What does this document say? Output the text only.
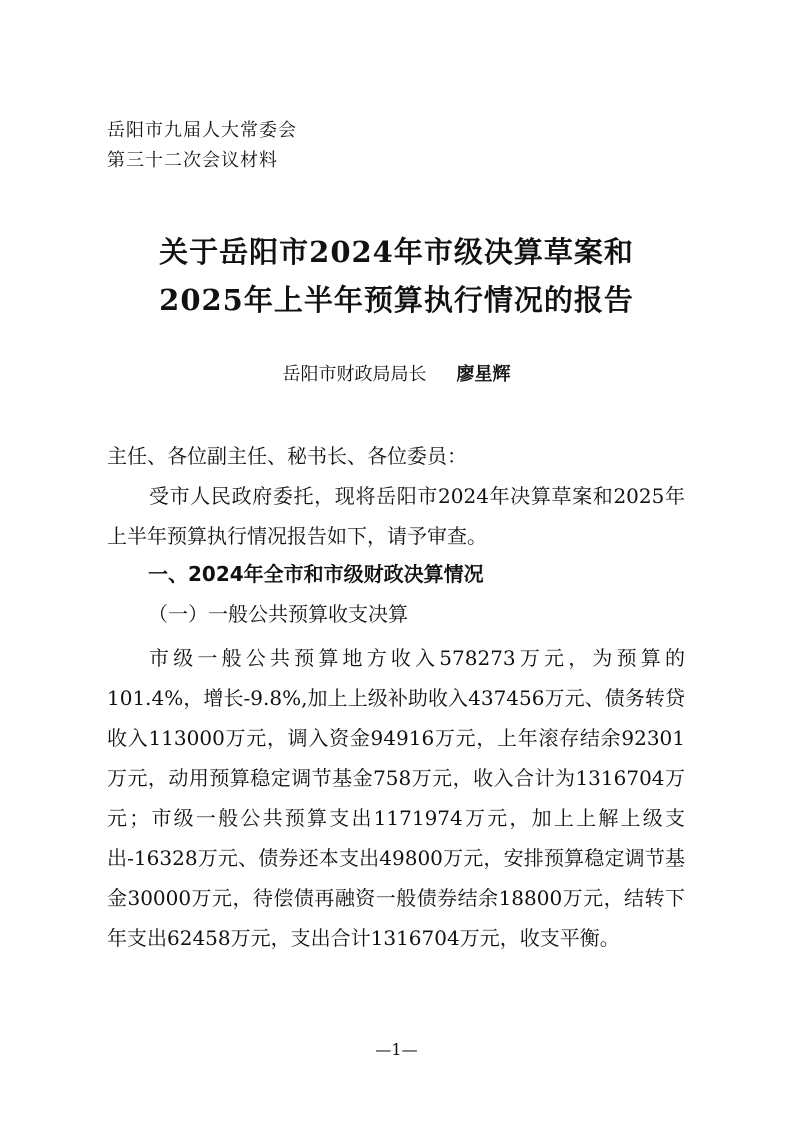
岳阳市九届人大常委会
第三十二次会议材料
关于岳阳市2024年市级决算草案和
2025年上半年预算执行情况的报告
岳阳市财政局局长 廖星辉
主任、各位副主任、秘书长、各位委员：
受市人民政府委托，现将岳阳市2024年决算草案和2025年上半年预算执行情况报告如下，请予审查。
一、2024年全市和市级财政决算情况
（一）一般公共预算收支决算
市级一般公共预算地方收入578273万元，为预算的101.4%，增长-9.8%,加上上级补助收入437456万元、债务转贷收入113000万元，调入资金94916万元，上年滚存结余92301万元，动用预算稳定调节基金758万元，收入合计为1316704万元；市级一般公共预算支出1171974万元，加上上解上级支出-16328万元、债券还本支出49800万元，安排预算稳定调节基金30000万元，待偿债再融资一般债券结余18800万元，结转下年支出62458万元，支出合计1316704万元，收支平衡。
—1—
